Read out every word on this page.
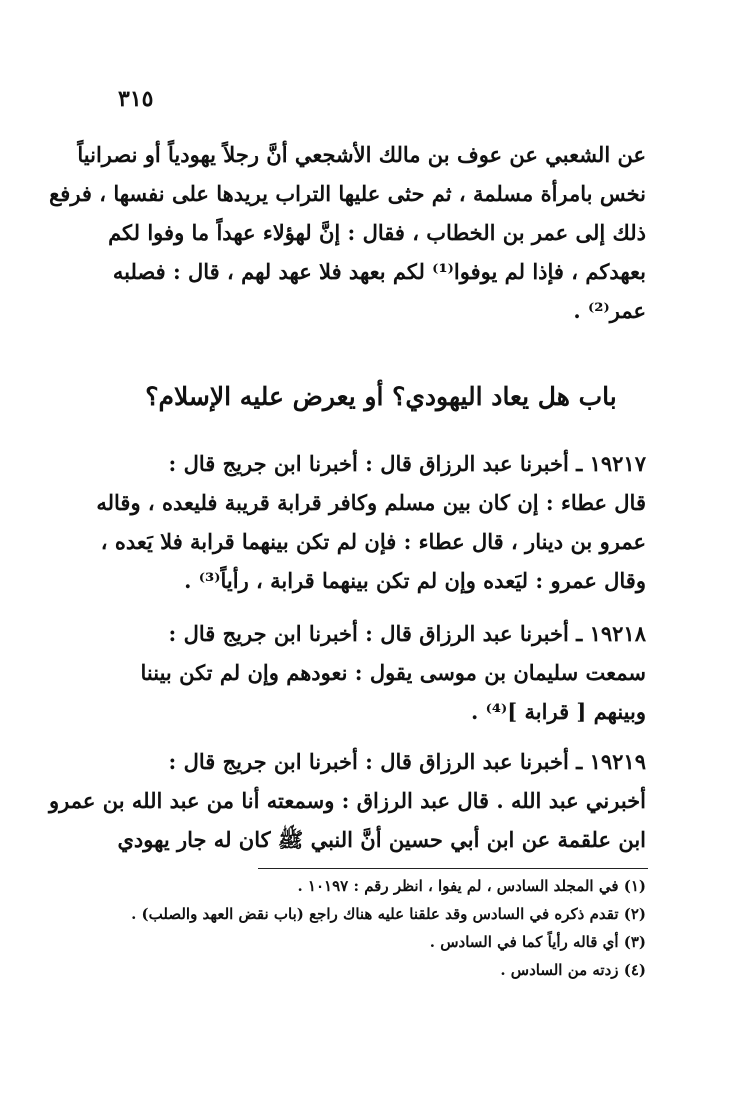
٣١٥
عن الشعبي عن عوف بن مالك الأشجعي أنَّ رجلاً يهودياً أو نصرانياً
نخس بامرأة مسلمة ، ثم حثى عليها التراب يريدها على نفسها ، فرفع
ذلك إلى عمر بن الخطاب ، فقال : إنَّ لهؤلاء عهداً ما وفوا لكم
بعهدكم ، فإذا لم يوفوا⁽¹⁾ لكم بعهد فلا عهد لهم ، قال : فصلبه
عمر⁽²⁾ .
باب هل يعاد اليهودي؟ أو يعرض عليه الإسلام؟
١٩٢١٧ ـ أخبرنا عبد الرزاق قال : أخبرنا ابن جريج قال :
قال عطاء : إن كان بين مسلم وكافر قرابة قريبة فليعده ، وقاله
عمرو بن دينار ، قال عطاء : فإن لم تكن بينهما قرابة فلا يَعده ،
وقال عمرو : ليَعده وإن لم تكن بينهما قرابة ، رأياً⁽³⁾ .
١٩٢١٨ ـ أخبرنا عبد الرزاق قال : أخبرنا ابن جريج قال :
سمعت سليمان بن موسى يقول : نعودهم وإن لم تكن بيننا
وبينهم [ قرابة ]⁽⁴⁾ .
١٩٢١٩ ـ أخبرنا عبد الرزاق قال : أخبرنا ابن جريج قال :
أخبرني عبد الله . قال عبد الرزاق : وسمعته أنا من عبد الله بن عمرو
ابن علقمة عن ابن أبي حسين أنَّ النبي ﷺ كان له جار يهودي
(١) في المجلد السادس ، لم يفوا ، انظر رقم : ١٠١٩٧ .
(٢) تقدم ذكره في السادس وقد علقنا عليه هناك راجع (باب نقض العهد والصلب) .
(٣) أي قاله رأياً كما في السادس .
(٤) زدته من السادس .
